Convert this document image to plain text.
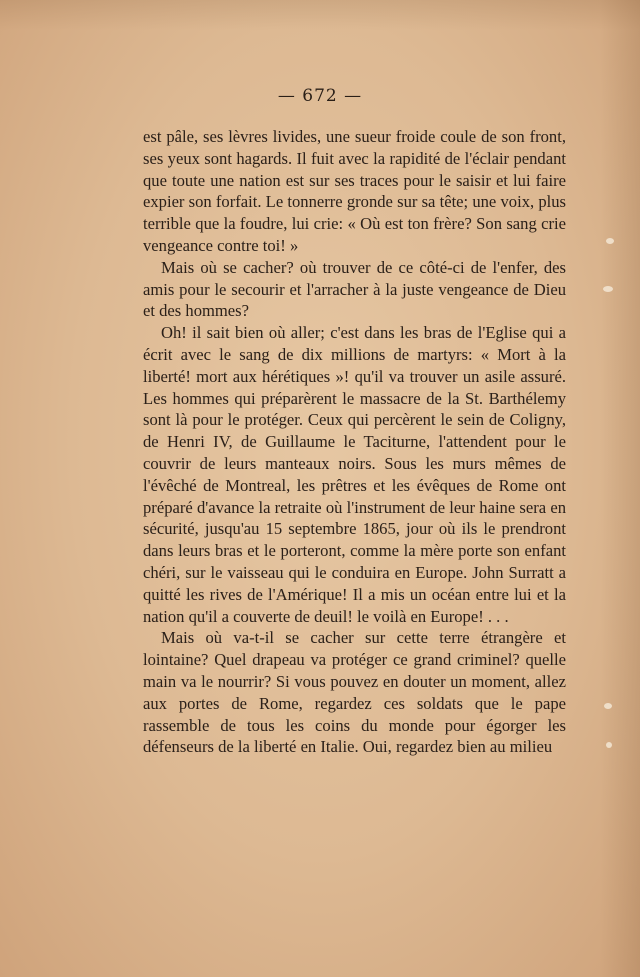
— 672 —

est pâle, ses lèvres livides, une sueur froide coule de son front, ses yeux sont hagards. Il fuit avec la rapidité de l'éclair pendant que toute une nation est sur ses traces pour le saisir et lui faire expier son forfait. Le tonnerre gronde sur sa tête; une voix, plus terrible que la foudre, lui crie: « Où est ton frère? Son sang crie vengeance contre toi! »

Mais où se cacher? où trouver de ce côté-ci de l'enfer, des amis pour le secourir et l'arracher à la juste vengeance de Dieu et des hommes?

Oh! il sait bien où aller; c'est dans les bras de l'Eglise qui a écrit avec le sang de dix millions de martyrs: « Mort à la liberté! mort aux hérétiques »! qu'il va trouver un asile assuré. Les hommes qui préparèrent le massacre de la St. Barthélemy sont là pour le protéger. Ceux qui percèrent le sein de Coligny, de Henri IV, de Guillaume le Taciturne, l'attendent pour le couvrir de leurs manteaux noirs. Sous les murs mêmes de l'évêché de Montreal, les prêtres et les évêques de Rome ont préparé d'avance la retraite où l'instrument de leur haine sera en sécurité, jusqu'au 15 septembre 1865, jour où ils le prendront dans leurs bras et le porteront, comme la mère porte son enfant chéri, sur le vaisseau qui le conduira en Europe. John Surratt a quitté les rives de l'Amérique! Il a mis un océan entre lui et la nation qu'il a couverte de deuil! le voilà en Europe! . . .

Mais où va-t-il se cacher sur cette terre étrangère et lointaine? Quel drapeau va protéger ce grand criminel? quelle main va le nourrir? Si vous pouvez en douter un moment, allez aux portes de Rome, regardez ces soldats que le pape rassemble de tous les coins du monde pour égorger les défenseurs de la liberté en Italie. Oui, regardez bien au milieu
